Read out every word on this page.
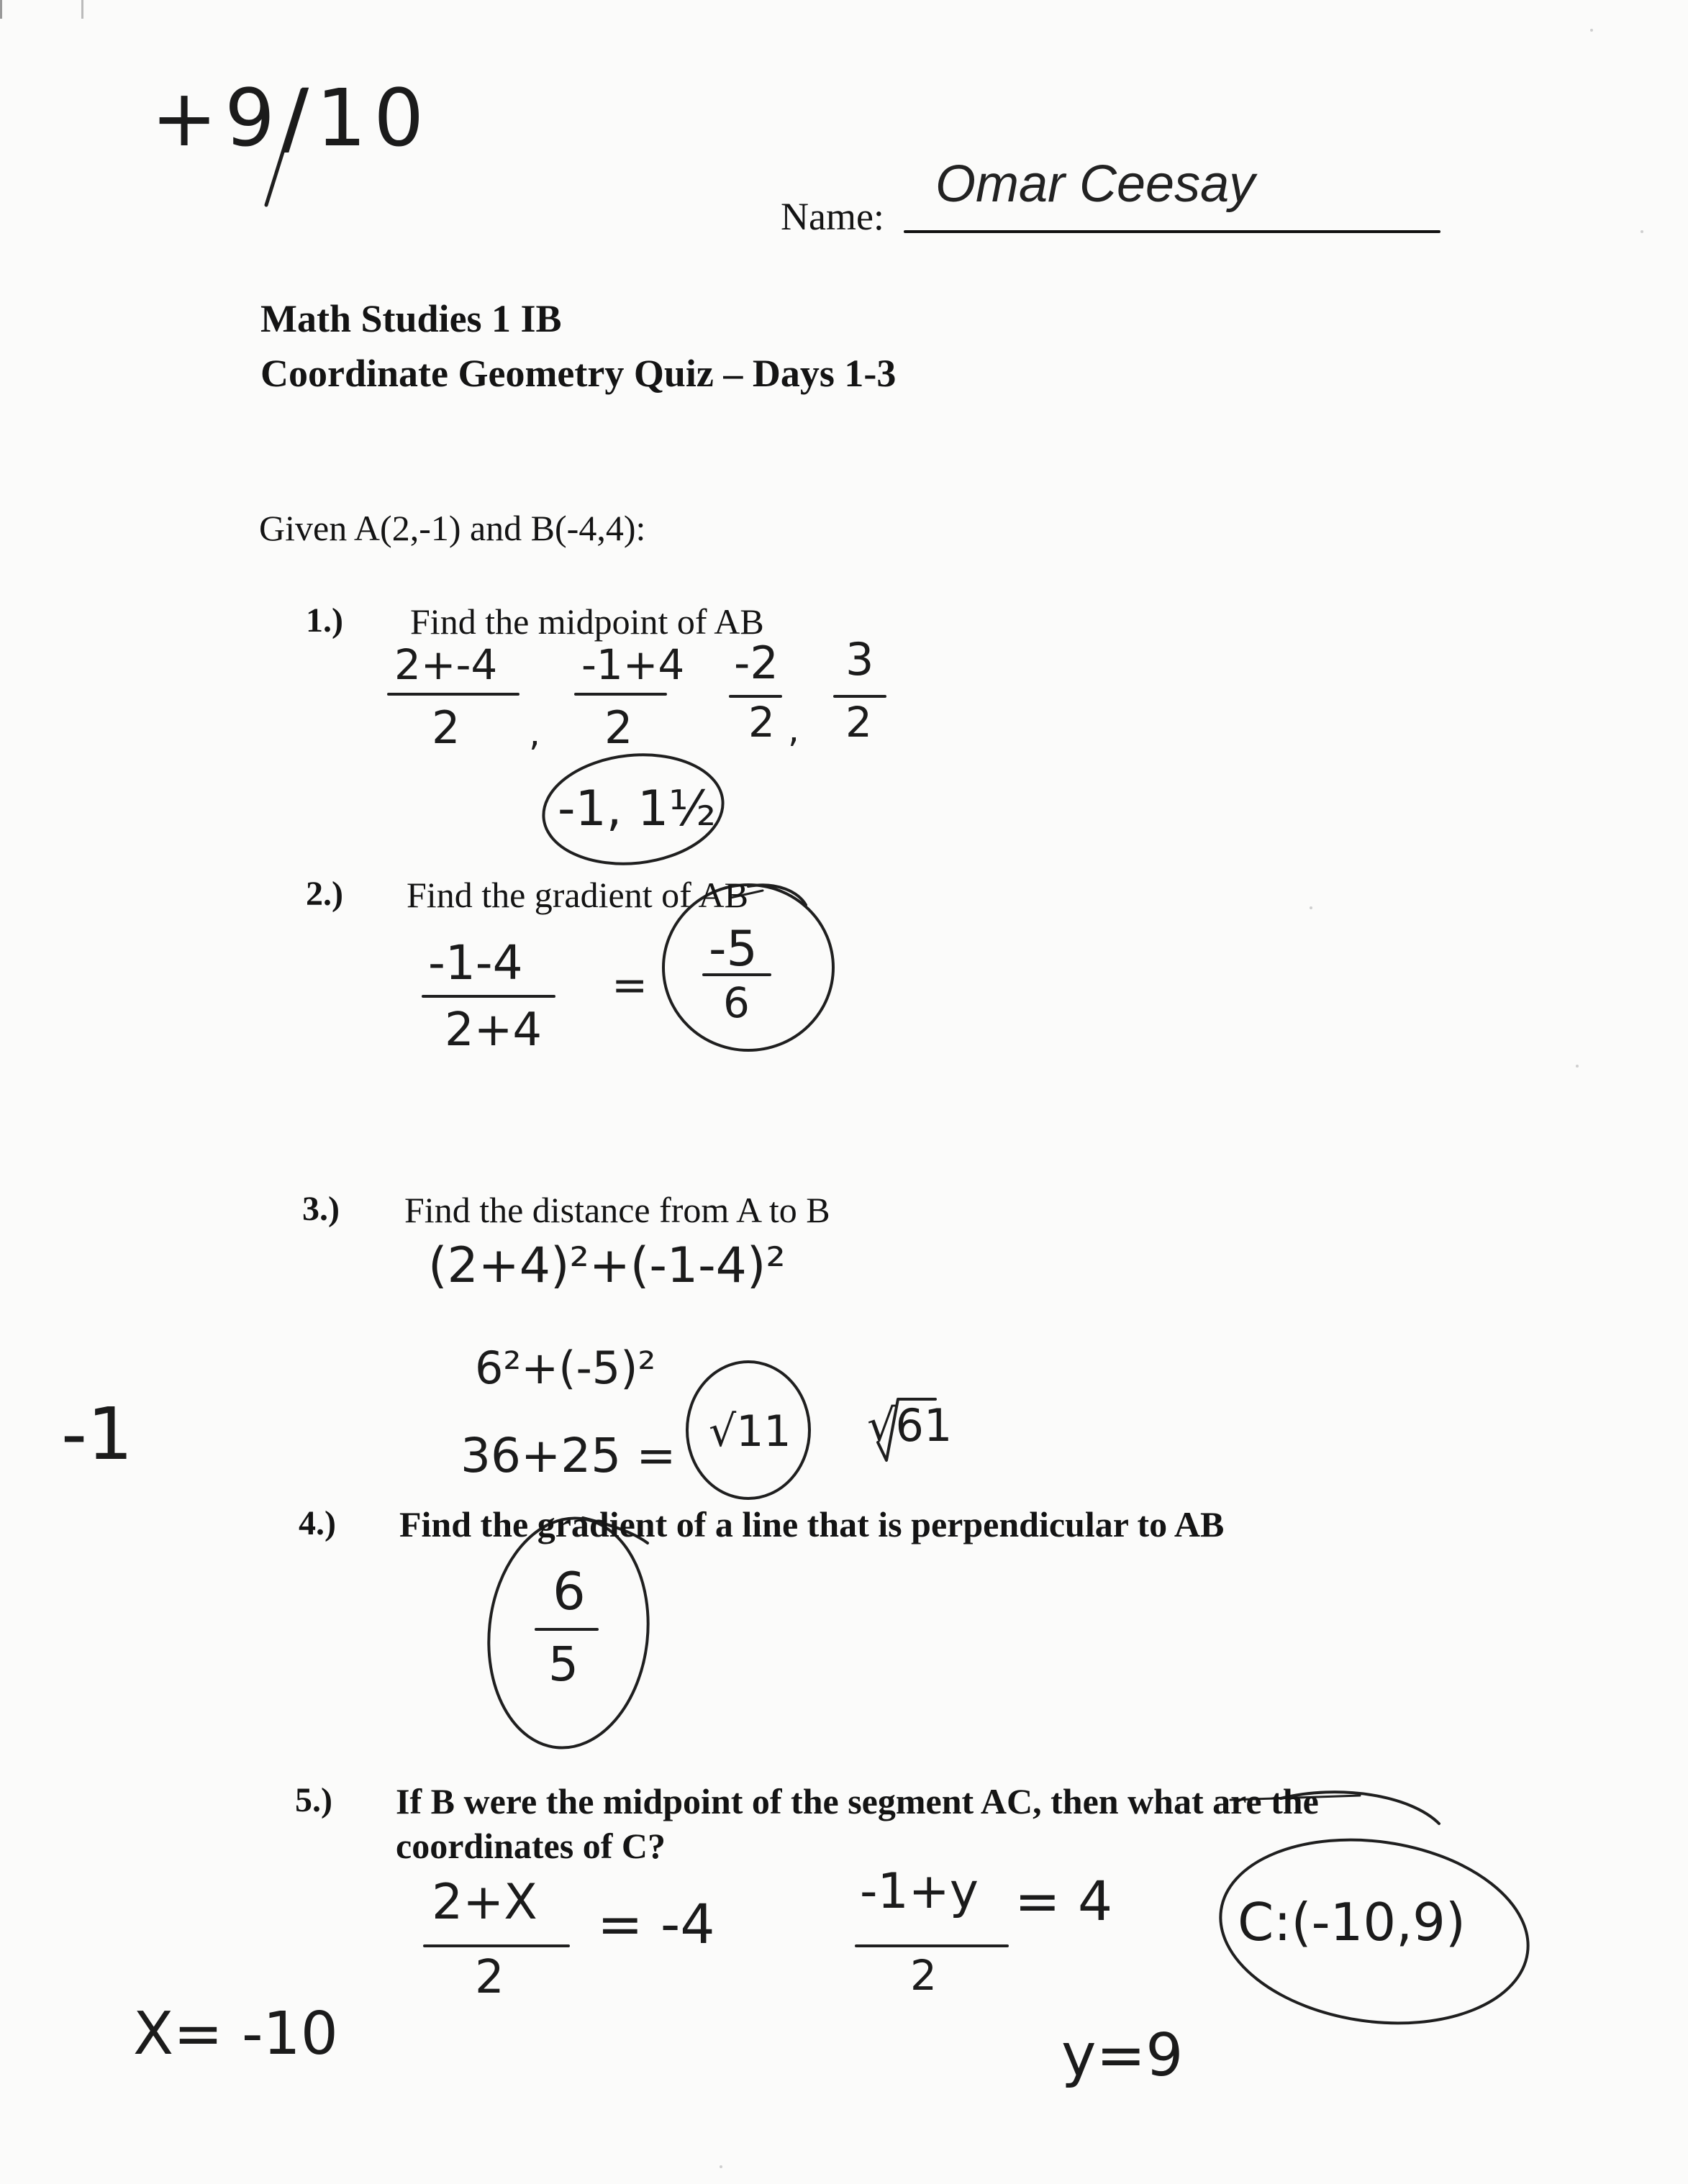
+9/10
Name:
Omar Ceesay
Math Studies 1 IB
Coordinate Geometry Quiz – Days 1-3
Given A(2,-1) and B(-4,4):
1.) Find the midpoint of AB
2+-4
2 ,
-1+4
2
-2
2 ,
3
2
-1, 1½
2.) Find the gradient of AB
-1-4
2+4
=
-5
6
3.) Find the distance from A to B
(2+4)²+(-1-4)²
6²+(-5)²
36+25 = √11 √61
-1
4.) Find the gradient of a line that is perpendicular to AB
6
5
5.) If B were the midpoint of the segment AC, then what are the
coordinates of C?
2+X
2
= -4
-1+y
2
= 4 C:(-10,9)
X= -10	y=9
